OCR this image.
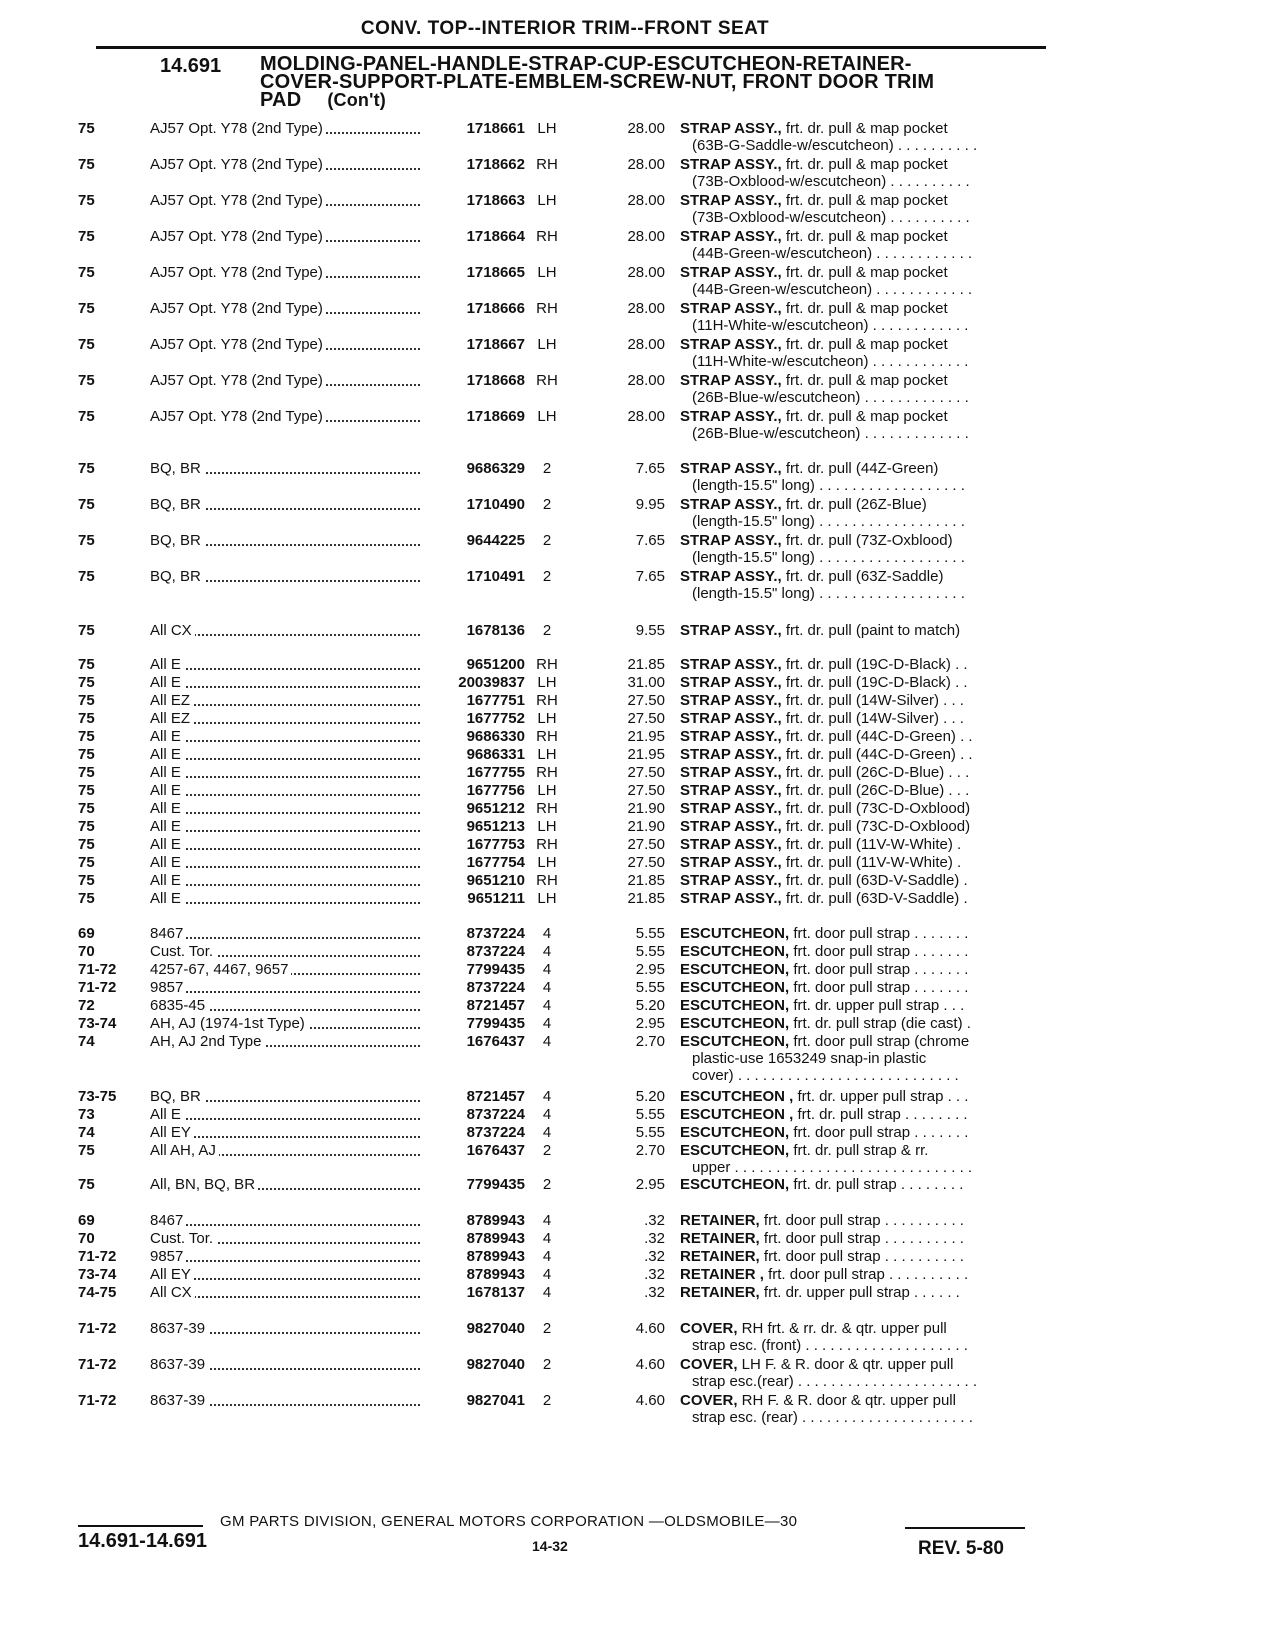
CONV. TOP--INTERIOR TRIM--FRONT SEAT
14.691 MOLDING-PANEL-HANDLE-STRAP-CUP-ESCUTCHEON-RETAINER-
COVER-SUPPORT-PLATE-EMBLEM-SCREW-NUT, FRONT DOOR TRIM
PAD (Con't)
75	AJ57 Opt. Y78 (2nd Type)	1718661 LH	28.00 STRAP ASSY., frt. dr. pull & map pocket
(63B-G-Saddle-w/escutcheon) . . . . . . . . . .
75	AJ57 Opt. Y78 (2nd Type)	1718662 RH	28.00 STRAP ASSY., frt. dr. pull & map pocket
(73B-Oxblood-w/escutcheon) . . . . . . . . . .
75	AJ57 Opt. Y78 (2nd Type)	1718663 LH	28.00 STRAP ASSY., frt. dr. pull & map pocket
(73B-Oxblood-w/escutcheon) . . . . . . . . . .
75	AJ57 Opt. Y78 (2nd Type)	1718664 RH	28.00 STRAP ASSY., frt. dr. pull & map pocket
(44B-Green-w/escutcheon) . . . . . . . . . . . .
75	AJ57 Opt. Y78 (2nd Type)	1718665 LH	28.00 STRAP ASSY., frt. dr. pull & map pocket
(44B-Green-w/escutcheon) . . . . . . . . . . . .
75	AJ57 Opt. Y78 (2nd Type)	1718666 RH	28.00 STRAP ASSY., frt. dr. pull & map pocket
(11H-White-w/escutcheon) . . . . . . . . . . . .
75	AJ57 Opt. Y78 (2nd Type)	1718667 LH	28.00 STRAP ASSY., frt. dr. pull & map pocket
(11H-White-w/escutcheon) . . . . . . . . . . . .
75	AJ57 Opt. Y78 (2nd Type)	1718668 RH	28.00 STRAP ASSY., frt. dr. pull & map pocket
(26B-Blue-w/escutcheon) . . . . . . . . . . . . .
75	AJ57 Opt. Y78 (2nd Type)	1718669 LH	28.00 STRAP ASSY., frt. dr. pull & map pocket
(26B-Blue-w/escutcheon) . . . . . . . . . . . . .
75	BQ, BR	9686329	2	7.65 STRAP ASSY., frt. dr. pull (44Z-Green)
(length-15.5" long) . . . . . . . . . . . . . . . . . .
75	BQ, BR	1710490	2	9.95 STRAP ASSY., frt. dr. pull (26Z-Blue)
(length-15.5" long) . . . . . . . . . . . . . . . . . .
75	BQ, BR	9644225	2	7.65 STRAP ASSY., frt. dr. pull (73Z-Oxblood)
(length-15.5" long) . . . . . . . . . . . . . . . . . .
75	BQ, BR	1710491	2	7.65 STRAP ASSY., frt. dr. pull (63Z-Saddle)
(length-15.5" long) . . . . . . . . . . . . . . . . . .
75	All CX	1678136	2	9.55 STRAP ASSY., frt. dr. pull (paint to match)
75	All E	9651200 RH	21.85 STRAP ASSY., frt. dr. pull (19C-D-Black) . .
75	All E	20039837 LH	31.00 STRAP ASSY., frt. dr. pull (19C-D-Black) . .
75	All EZ	1677751 RH	27.50 STRAP ASSY., frt. dr. pull (14W-Silver) . . .
75	All EZ	1677752 LH	27.50 STRAP ASSY., frt. dr. pull (14W-Silver) . . .
75	All E	9686330 RH	21.95 STRAP ASSY., frt. dr. pull (44C-D-Green) . .
75	All E	9686331 LH	21.95 STRAP ASSY., frt. dr. pull (44C-D-Green) . .
75	All E	1677755 RH	27.50 STRAP ASSY., frt. dr. pull (26C-D-Blue) . . .
75	All E	1677756 LH	27.50 STRAP ASSY., frt. dr. pull (26C-D-Blue) . . .
75	All E	9651212 RH	21.90 STRAP ASSY., frt. dr. pull (73C-D-Oxblood)
75	All E	9651213 LH	21.90 STRAP ASSY., frt. dr. pull (73C-D-Oxblood)
75	All E	1677753 RH	27.50 STRAP ASSY., frt. dr. pull (11V-W-White) .
75	All E	1677754 LH	27.50 STRAP ASSY., frt. dr. pull (11V-W-White) .
75	All E	9651210 RH	21.85 STRAP ASSY., frt. dr. pull (63D-V-Saddle) .
75	All E	9651211 LH	21.85 STRAP ASSY., frt. dr. pull (63D-V-Saddle) .
69	8467	8737224	4	5.55 ESCUTCHEON, frt. door pull strap . . . . . . .
70	Cust. Tor.	8737224	4	5.55 ESCUTCHEON, frt. door pull strap . . . . . . .
71-72	4257-67, 4467, 9657	7799435	4	2.95 ESCUTCHEON, frt. door pull strap . . . . . . .
71-72	9857	8737224	4	5.55 ESCUTCHEON, frt. door pull strap . . . . . . .
72	6835-45	8721457	4	5.20 ESCUTCHEON, frt. dr. upper pull strap . . .
73-74	AH, AJ (1974-1st Type)	7799435	4	2.95 ESCUTCHEON, frt. dr. pull strap (die cast) .
74	AH, AJ 2nd Type	1676437	4	2.70 ESCUTCHEON, frt. door pull strap (chrome
plastic-use 1653249 snap-in plastic
cover) . . . . . . . . . . . . . . . . . . . . . . . . . . .
73-75	BQ, BR	8721457	4	5.20 ESCUTCHEON , frt. dr. upper pull strap . . .
73	All E	8737224	4	5.55 ESCUTCHEON , frt. dr. pull strap . . . . . . . .
74	All EY	8737224	4	5.55 ESCUTCHEON, frt. door pull strap . . . . . . .
75	All AH, AJ	1676437	2	2.70 ESCUTCHEON, frt. dr. pull strap & rr.
upper . . . . . . . . . . . . . . . . . . . . . . . . . . . . .
75	All, BN, BQ, BR	7799435	2	2.95 ESCUTCHEON, frt. dr. pull strap . . . . . . . .
69	8467	8789943	4	.32 RETAINER, frt. door pull strap . . . . . . . . . .
70	Cust. Tor.	8789943	4	.32 RETAINER, frt. door pull strap . . . . . . . . . .
71-72	9857	8789943	4	.32 RETAINER, frt. door pull strap . . . . . . . . . .
73-74	All EY	8789943	4	.32 RETAINER , frt. door pull strap . . . . . . . . . .
74-75	All CX	1678137	4	.32 RETAINER, frt. dr. upper pull strap . . . . . .
71-72	8637-39	9827040	2	4.60 COVER, RH frt. & rr. dr. & qtr. upper pull
strap esc. (front) . . . . . . . . . . . . . . . . . . . .
71-72	8637-39	9827040	2	4.60 COVER, LH F. & R. door & qtr. upper pull
strap esc.(rear) . . . . . . . . . . . . . . . . . . . . . .
71-72	8637-39	9827041	2	4.60 COVER, RH F. & R. door & qtr. upper pull
strap esc. (rear) . . . . . . . . . . . . . . . . . . . . .
GM PARTS DIVISION, GENERAL MOTORS CORPORATION —OLDSMOBILE—30
14.691-14.691	14-32	REV. 5-80
